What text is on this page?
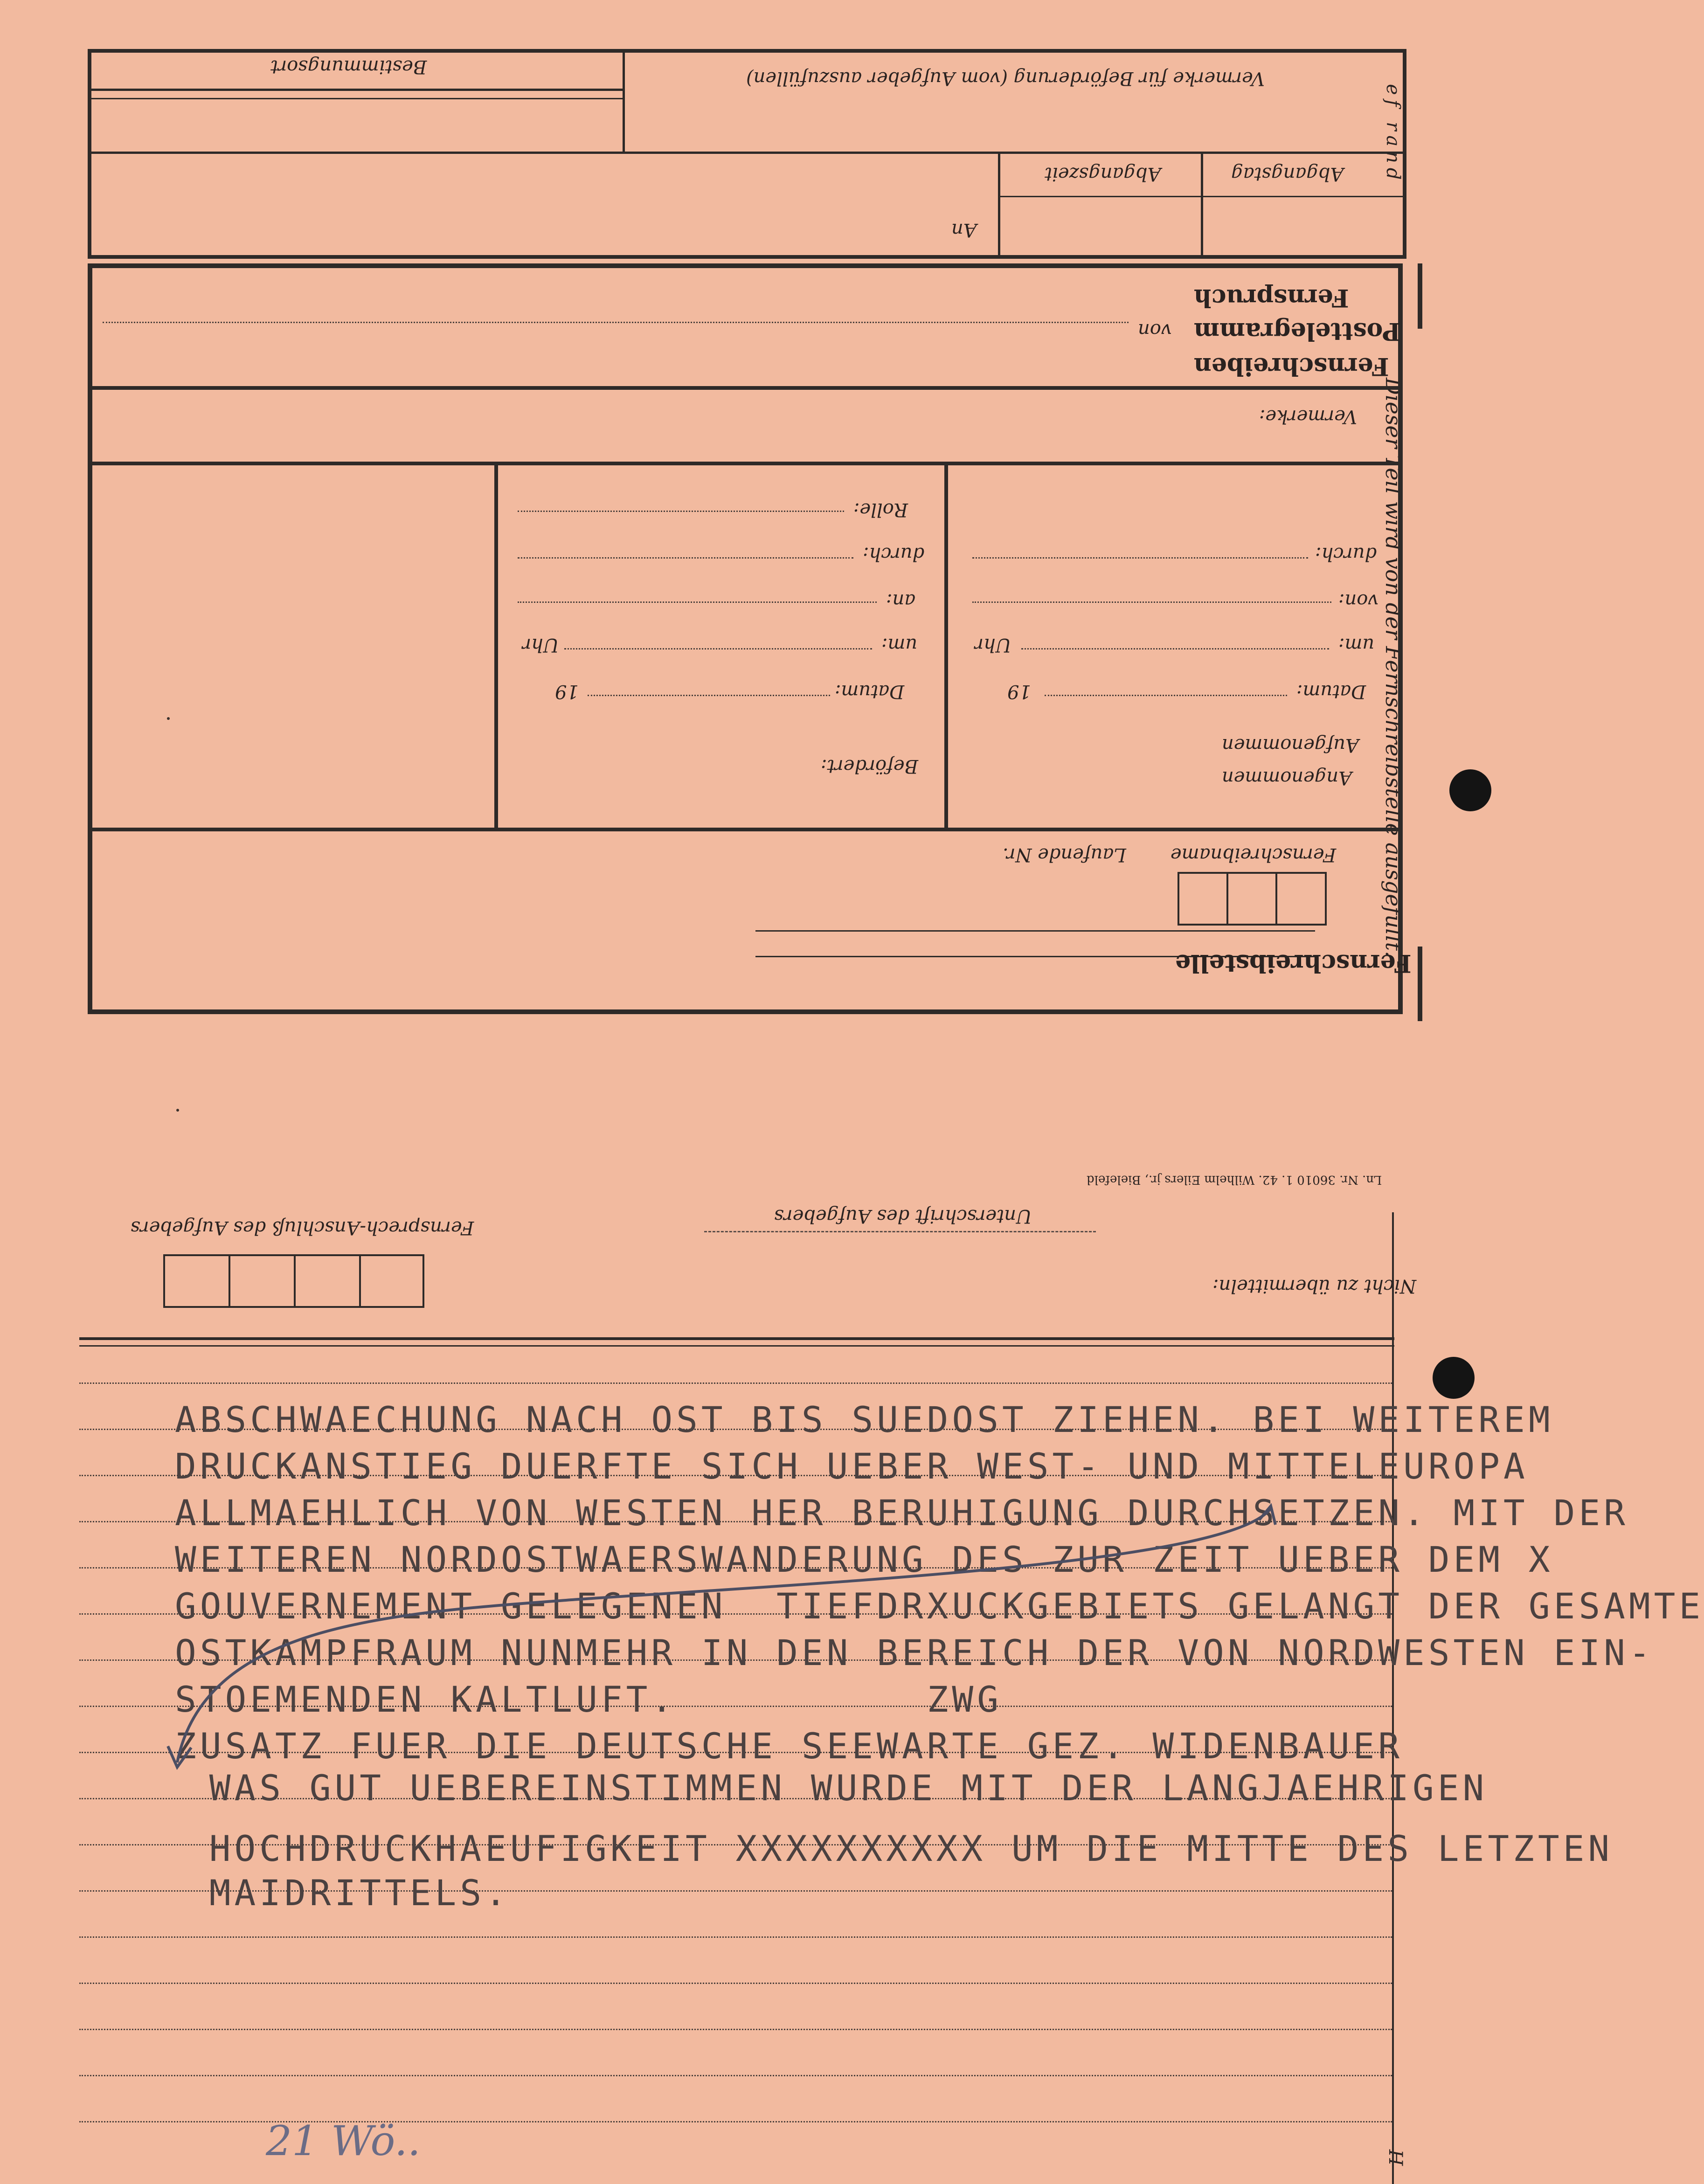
ef rand
Dieser Teil wird von der Fernschreibstelle ausgefüllt.
H
Vermerke für Beförderung (vom Aufgeber auszufüllen)
Bestimmungsort
Abgangstag
Abgangszeit
An
Fernschreiben
Posttelegramm
von
Fernspruch
Vermerke:
Angenommen
Aufgenommen
Datum:
19
um:
Uhr
von:
durch:
Befördert:
Datum:
19
um:
Uhr
an:
durch:
Rolle:
Fernschreibname
Laufende Nr.
Fernschreibstelle
Ln. Nr. 36010 1. 42. Wilhelm Eilers jr., Bielefeld
Unterschrift des Aufgebers
Fernsprech-Anschluß des Aufgebers
Nicht zu übermitteln:
ABSCHWAECHUNG NACH OST BIS SUEDOST ZIEHEN. BEI WEITEREM
DRUCKANSTIEG DUERFTE SICH UEBER WEST- UND MITTELEUROPA
ALLMAEHLICH VON WESTEN HER BERUHIGUNG DURCHSETZEN. MIT DER
WEITEREN NORDOSTWAERSWANDERUNG DES ZUR ZEIT UEBER DEM X
GOUVERNEMENT GELEGENEN  TIEFDRXUCKGEBIETS GELANGT DER GESAMTE
OSTKAMPFRAUM NUNMEHR IN DEN BEREICH DER VON NORDWESTEN EIN-
STOEMENDEN KALTLUFT.          ZWG
ZUSATZ FUER DIE DEUTSCHE SEEWARTE GEZ. WIDENBAUER
WAS GUT UEBEREINSTIMMEN WURDE MIT DER LANGJAEHRIGEN
HOCHDRUCKHAEUFIGKEIT XXXXXXXXXX UM DIE MITTE DES LETZTEN
MAIDRITTELS.
21 Wö..
